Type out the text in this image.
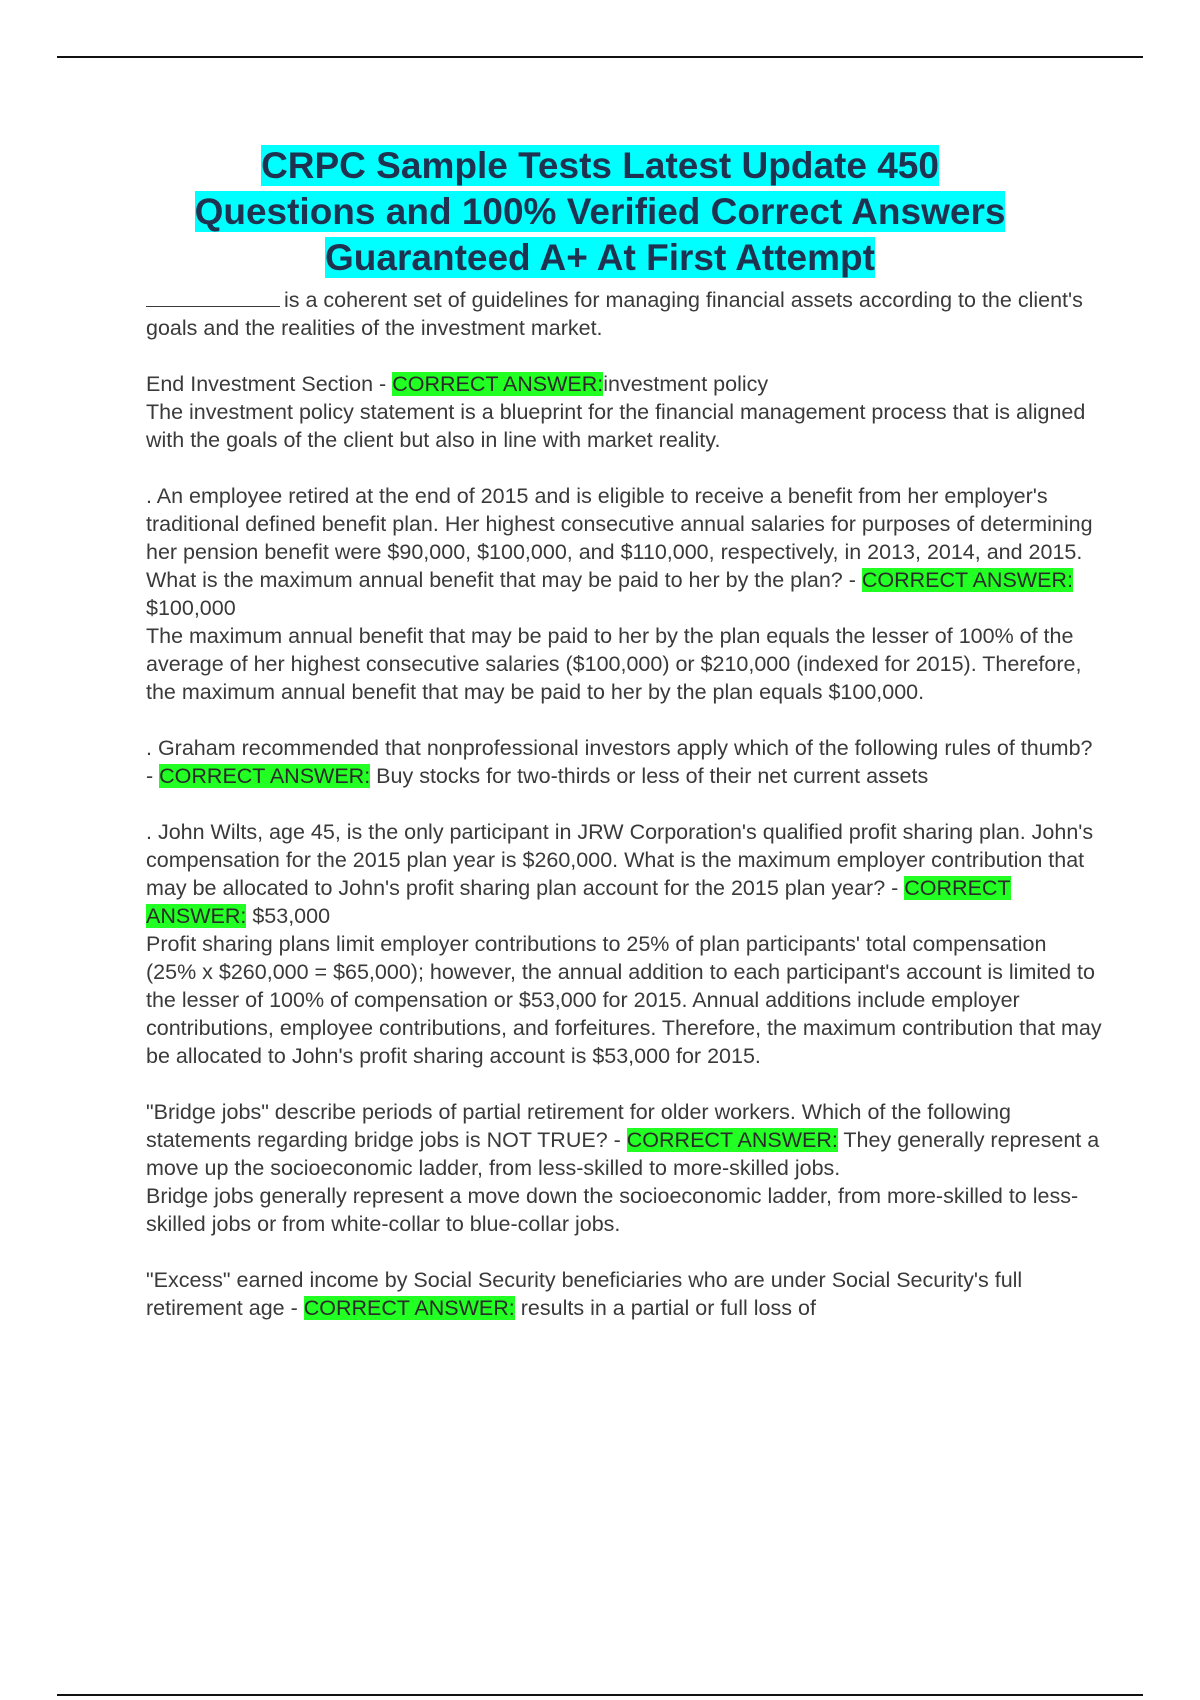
CRPC Sample Tests Latest Update 450
Questions and 100% Verified Correct Answers
Guaranteed A+ At First Attempt

is a coherent set of guidelines for managing financial assets according to the client's goals and the realities of the investment market.

End Investment Section - CORRECT ANSWER:investment policy

The investment policy statement is a blueprint for the financial management process that is aligned with the goals of the client but also in line with market reality.

. An employee retired at the end of 2015 and is eligible to receive a benefit from her employer's traditional defined benefit plan. Her highest consecutive annual salaries for purposes of determining her pension benefit were $90,000, $100,000, and $110,000, respectively, in 2013, 2014, and 2015. What is the maximum annual benefit that may be paid to her by the plan? - CORRECT ANSWER: $100,000

The maximum annual benefit that may be paid to her by the plan equals the lesser of 100% of the average of her highest consecutive salaries ($100,000) or $210,000 (indexed for 2015). Therefore, the maximum annual benefit that may be paid to her by the plan equals $100,000.

. Graham recommended that nonprofessional investors apply which of the following rules of thumb? - CORRECT ANSWER: Buy stocks for two-thirds or less of their net current assets

. John Wilts, age 45, is the only participant in JRW Corporation's qualified profit sharing plan. John's compensation for the 2015 plan year is $260,000. What is the maximum employer contribution that may be allocated to John's profit sharing plan account for the 2015 plan year? - CORRECT ANSWER: $53,000

Profit sharing plans limit employer contributions to 25% of plan participants' total compensation (25% x $260,000 = $65,000); however, the annual addition to each participant's account is limited to the lesser of 100% of compensation or $53,000 for 2015. Annual additions include employer contributions, employee contributions, and forfeitures. Therefore, the maximum contribution that may be allocated to John's profit sharing account is $53,000 for 2015.

"Bridge jobs" describe periods of partial retirement for older workers. Which of the following statements regarding bridge jobs is NOT TRUE? - CORRECT ANSWER: They generally represent a move up the socioeconomic ladder, from less-skilled to more-skilled jobs.

Bridge jobs generally represent a move down the socioeconomic ladder, from more-skilled to less-skilled jobs or from white-collar to blue-collar jobs.

"Excess" earned income by Social Security beneficiaries who are under Social Security's full retirement age - CORRECT ANSWER: results in a partial or full loss of
